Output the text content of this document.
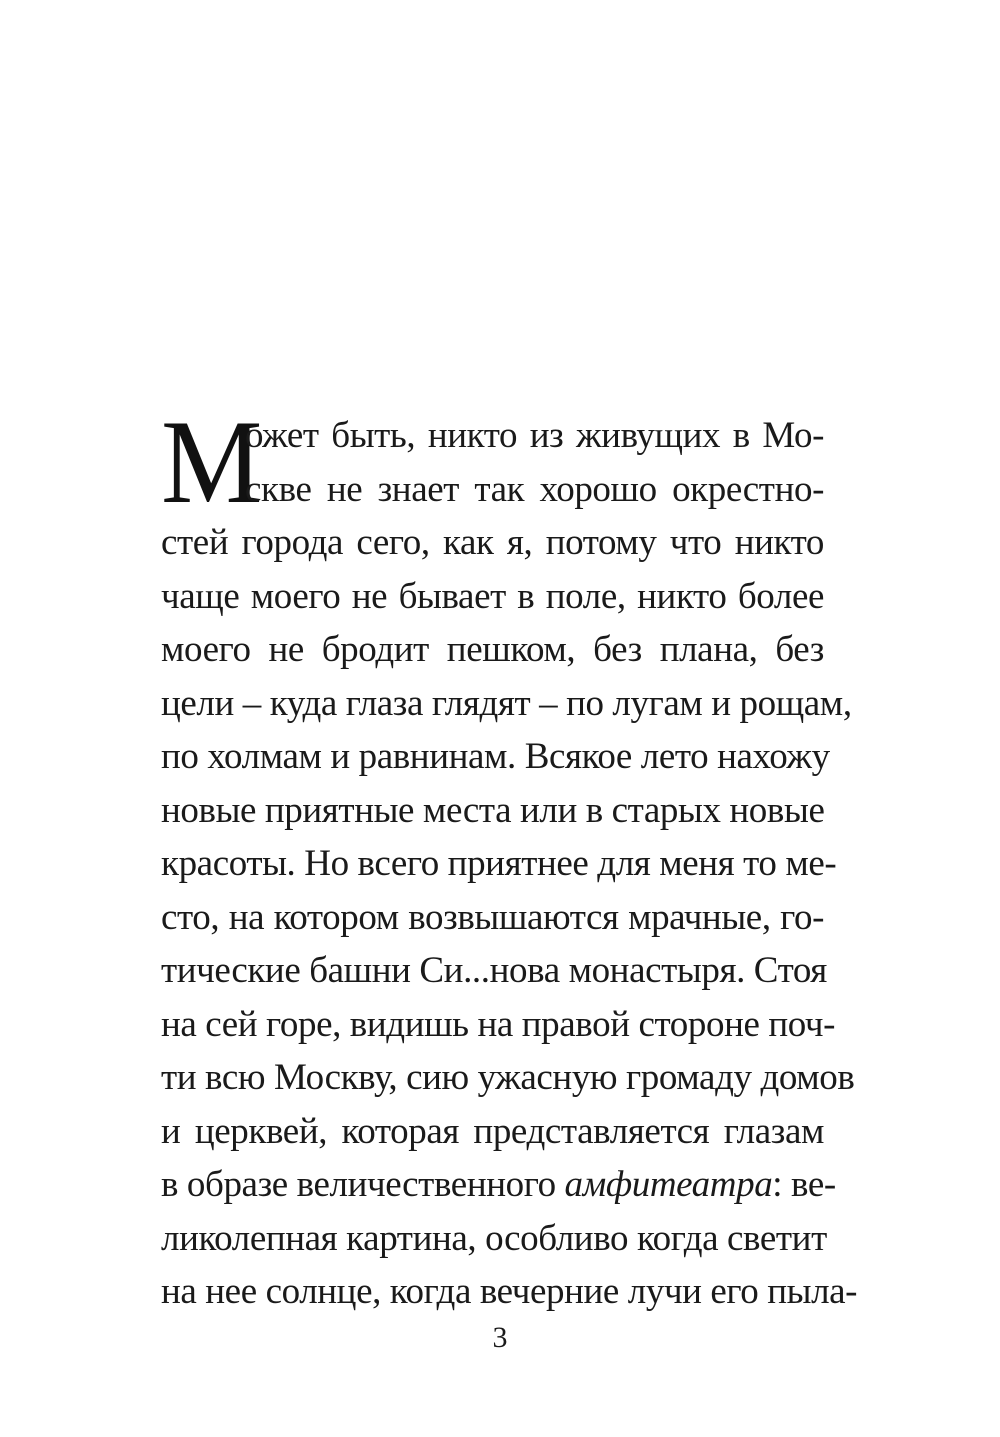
М
ожет быть, никто из живущих в Мо-
скве не знает так хорошо окрестно-
стей города сего, как я, потому что никто
чаще моего не бывает в поле, никто более
моего не бродит пешком, без плана, без
цели – куда глаза глядят – по лугам и рощам,
по холмам и равнинам. Всякое лето нахожу
новые приятные места или в старых новые
красоты. Но всего приятнее для меня то ме-
сто, на котором возвышаются мрачные, го-
тические башни Си...нова монастыря. Стоя
на сей горе, видишь на правой стороне поч-
ти всю Москву, сию ужасную громаду домов
и церквей, которая представляется глазам
в образе величественного амфитеатра: ве-
ликолепная картина, особливо когда светит
на нее солнце, когда вечерние лучи его пыла-
3
